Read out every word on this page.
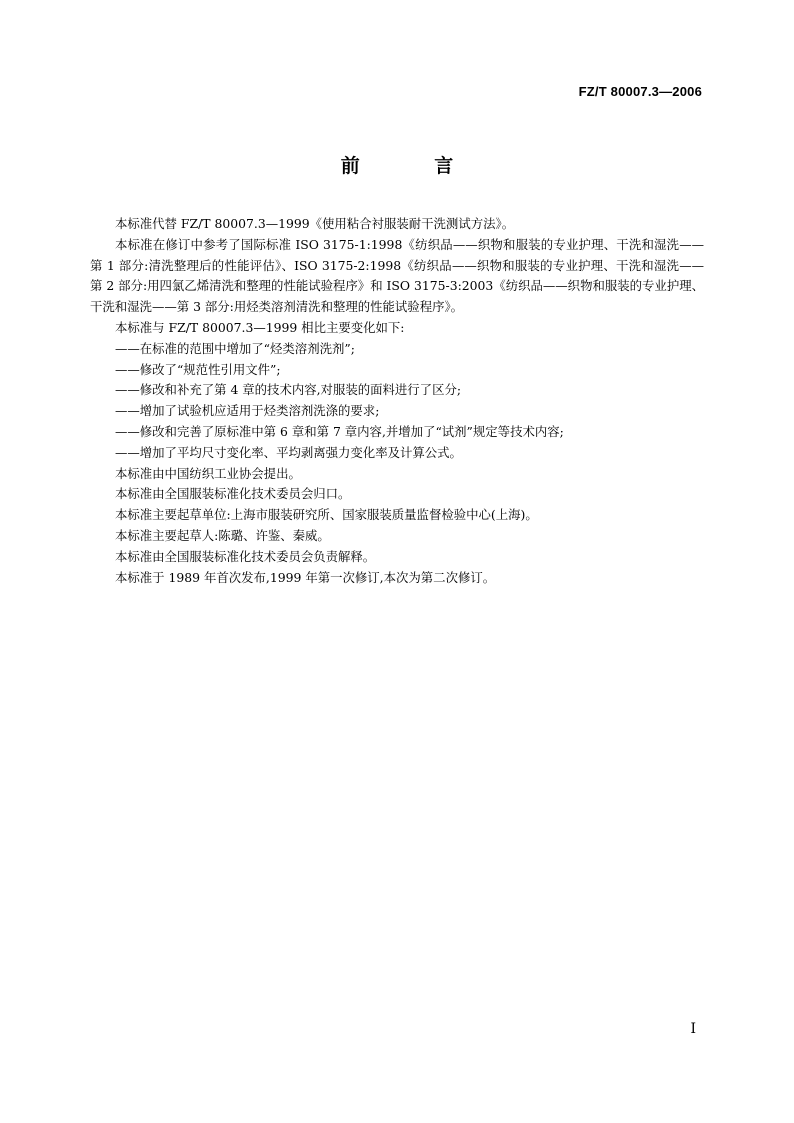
FZ/T 80007.3—2006
前 言

本标准代替 FZ/T 80007.3—1999《使用粘合衬服装耐干洗测试方法》。

本标准在修订中参考了国际标准 ISO 3175-1:1998《纺织品——织物和服装的专业护理、干洗和湿洗——第 1 部分:清洗整理后的性能评估》、ISO 3175-2:1998《纺织品——织物和服装的专业护理、干洗和湿洗——第 2 部分:用四氯乙烯清洗和整理的性能试验程序》和 ISO 3175-3:2003《纺织品——织物和服装的专业护理、干洗和湿洗——第 3 部分:用烃类溶剂清洗和整理的性能试验程序》。

本标准与 FZ/T 80007.3—1999 相比主要变化如下:

——在标准的范围中增加了“烃类溶剂洗剂”;

——修改了“规范性引用文件”;

——修改和补充了第 4 章的技术内容,对服装的面料进行了区分;

——增加了试验机应适用于烃类溶剂洗涤的要求;

——修改和完善了原标准中第 6 章和第 7 章内容,并增加了“试剂”规定等技术内容;

——增加了平均尺寸变化率、平均剥离强力变化率及计算公式。

本标准由中国纺织工业协会提出。

本标准由全国服装标准化技术委员会归口。

本标准主要起草单位:上海市服装研究所、国家服装质量监督检验中心(上海)。

本标准主要起草人:陈璐、许鉴、秦威。

本标准由全国服装标准化技术委员会负责解释。

本标准于 1989 年首次发布,1999 年第一次修订,本次为第二次修订。

I
